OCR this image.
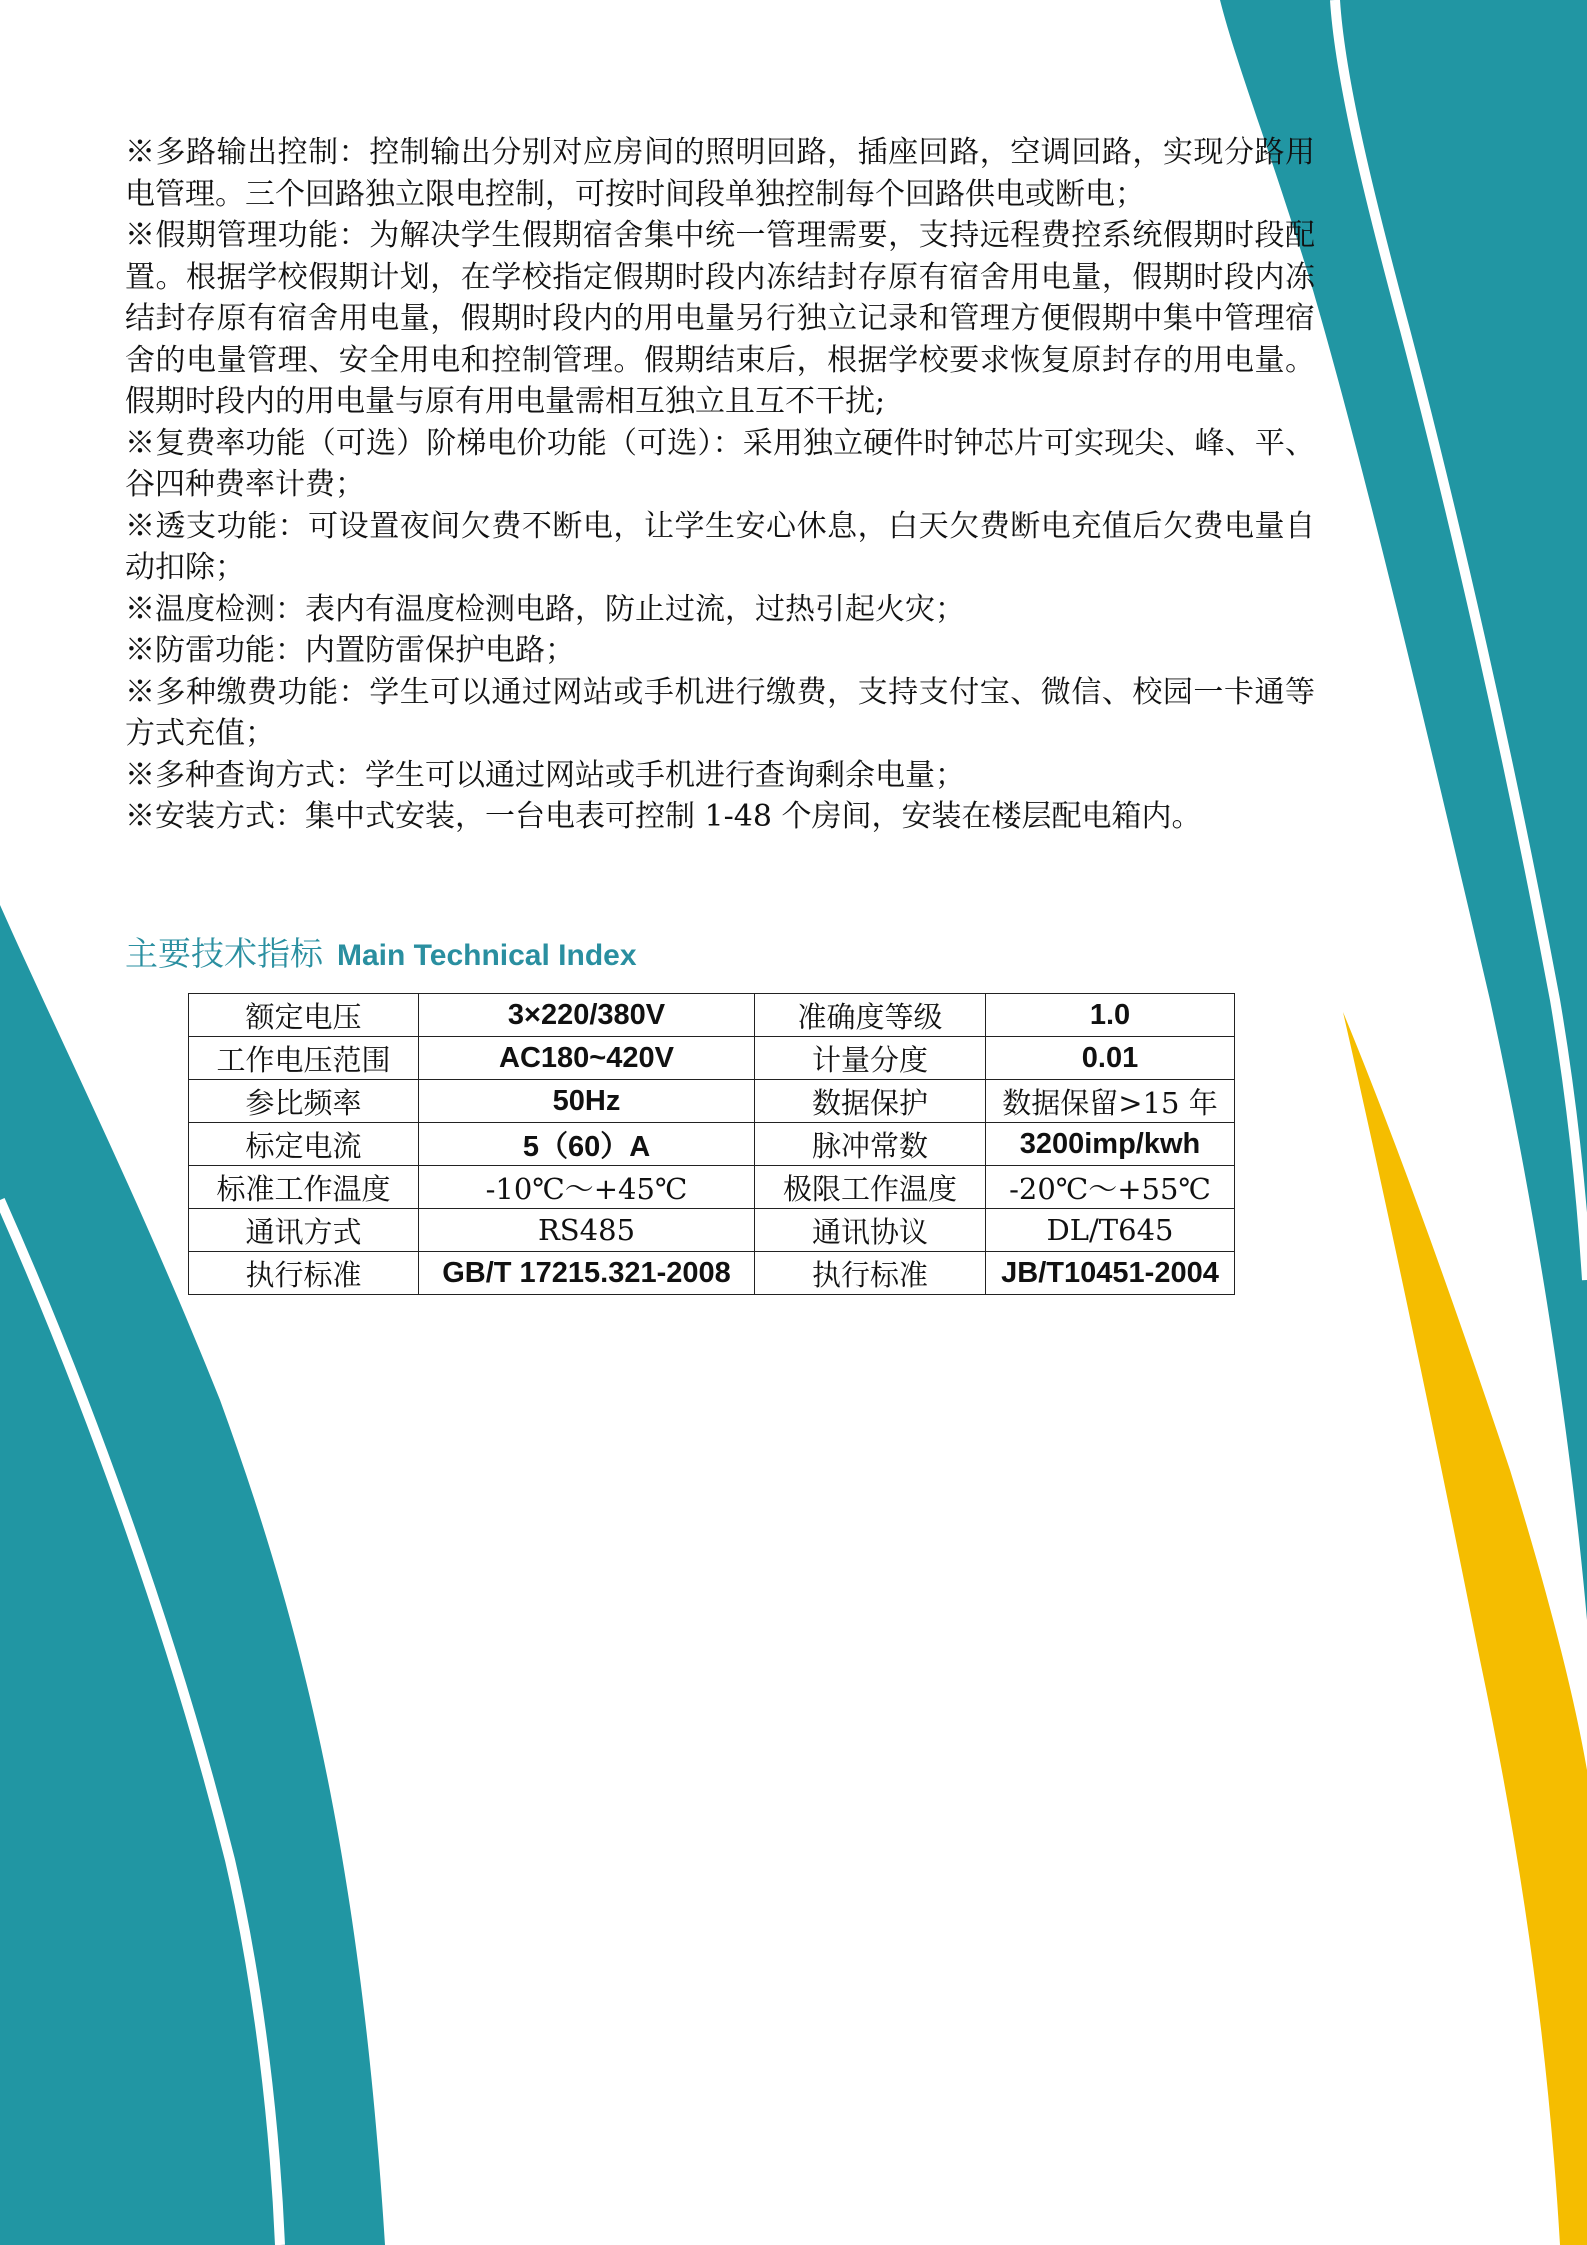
※多路输出控制：控制输出分别对应房间的照明回路，插座回路，空调回路，实现分路用电管理。三个回路独立限电控制，可按时间段单独控制每个回路供电或断电；

※假期管理功能：为解决学生假期宿舍集中统一管理需要，支持远程费控系统假期时段配置。根据学校假期计划，在学校指定假期时段内冻结封存原有宿舍用电量，假期时段内冻结封存原有宿舍用电量，假期时段内的用电量另行独立记录和管理方便假期中集中管理宿舍的电量管理、安全用电和控制管理。假期结束后，根据学校要求恢复原封存的用电量。假期时段内的用电量与原有用电量需相互独立且互不干扰;

※复费率功能（可选）阶梯电价功能（可选）：采用独立硬件时钟芯片可实现尖、峰、平、谷四种费率计费；

※透支功能：可设置夜间欠费不断电，让学生安心休息，白天欠费断电充值后欠费电量自动扣除；

※温度检测：表内有温度检测电路，防止过流，过热引起火灾；

※防雷功能：内置防雷保护电路；

※多种缴费功能：学生可以通过网站或手机进行缴费，支持支付宝、微信、校园一卡通等方式充值；

※多种查询方式：学生可以通过网站或手机进行查询剩余电量；

※安装方式：集中式安装，一台电表可控制 1-48 个房间，安装在楼层配电箱内。

主要技术指标 Main Technical Index
额定电压	3×220/380V	准确度等级	1.0
工作电压范围	AC180~420V	计量分度	0.01
参比频率	50Hz	数据保护	数据保留>15 年
标定电流	5（60）A	脉冲常数	3200imp/kwh
标准工作温度	-10℃～+45℃	极限工作温度	-20℃～+55℃
通讯方式	RS485	通讯协议	DL/T645
执行标准	GB/T 17215.321-2008	执行标准	JB/T10451-2004
